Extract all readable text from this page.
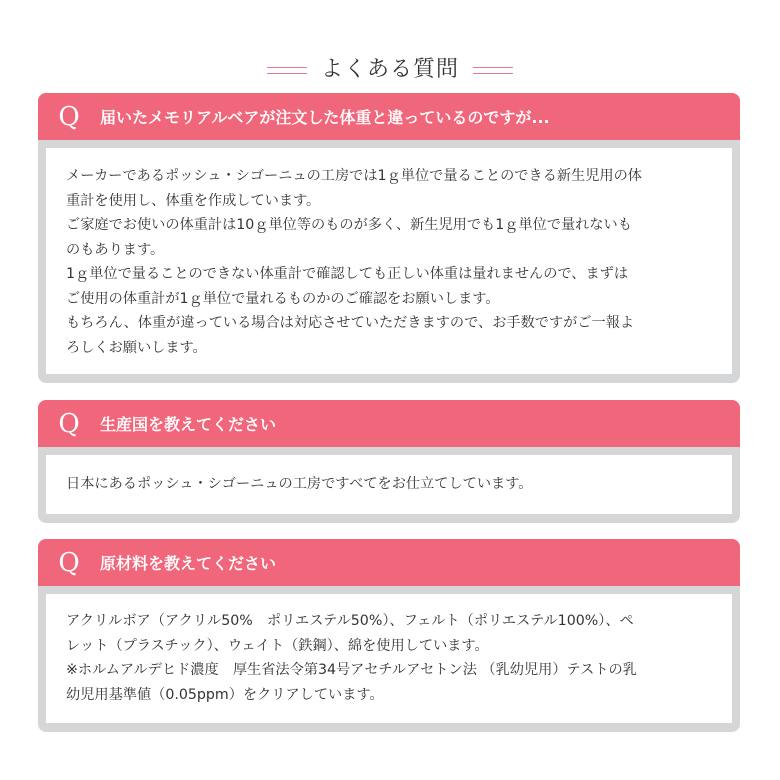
よくある質問
Q	届いたメモリアルベアが注文した体重と違っているのですが...
メーカーであるポッシュ・シゴーニュの工房では1ｇ単位で量ることのできる新生児用の体
重計を使用し、体重を作成しています。
ご家庭でお使いの体重計は10ｇ単位等のものが多く、新生児用でも1ｇ単位で量れないも
のもあります。
1ｇ単位で量ることのできない体重計で確認しても正しい体重は量れませんので、まずは
ご使用の体重計が1ｇ単位で量れるものかのご確認をお願いします。
もちろん、体重が違っている場合は対応させていただきますので、お手数ですがご一報よ
ろしくお願いします。
Q	生産国を教えてください
日本にあるポッシュ・シゴーニュの工房ですべてをお仕立てしています。
Q	原材料を教えてください
アクリルボア（アクリル50%　ポリエステル50%）、フェルト（ポリエステル100%）、ペ
レット（プラスチック）、ウェイト（鉄鋼）、綿を使用しています。
※ホルムアルデヒド濃度　厚生省法令第34号アセチルアセトン法 （乳幼児用）テストの乳
幼児用基準値（0.05ppm）をクリアしています。
